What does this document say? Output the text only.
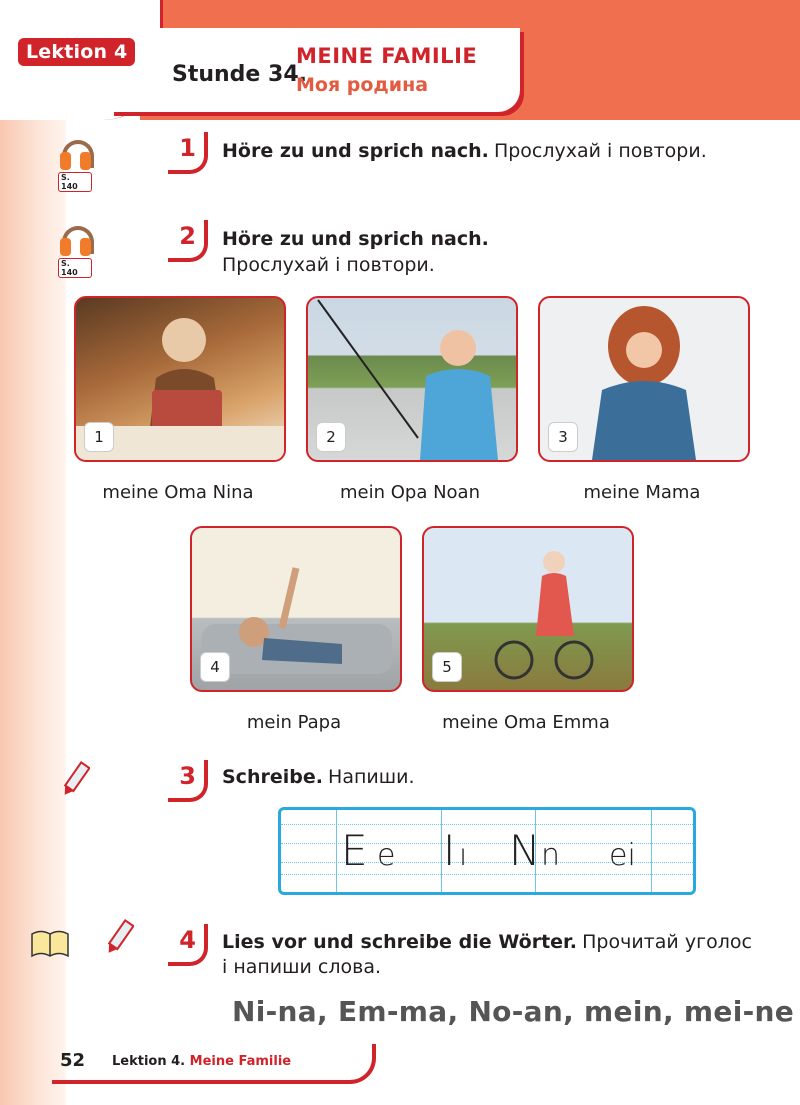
Lektion 4
Stunde 34.
MEINE FAMILIE
Моя родина
S. 140
1 Höre zu und sprich nach. Прослухай і повтори.
S. 140
2 Höre zu und sprich nach.
Прослухай і повтори.
1	2	3
meine Oma Nina	mein Opa Noan	meine Mama
4	5
mein Papa	meine Oma Emma
3 Schreibe. Напиши.
E e I ı N n ei
4 Lies vor und schreibe die Wörter. Прочитай уголос і напиши слова.
Ni-na, Em-ma, No-an, mein, mei-ne
52 Lektion 4. Meine Familie
